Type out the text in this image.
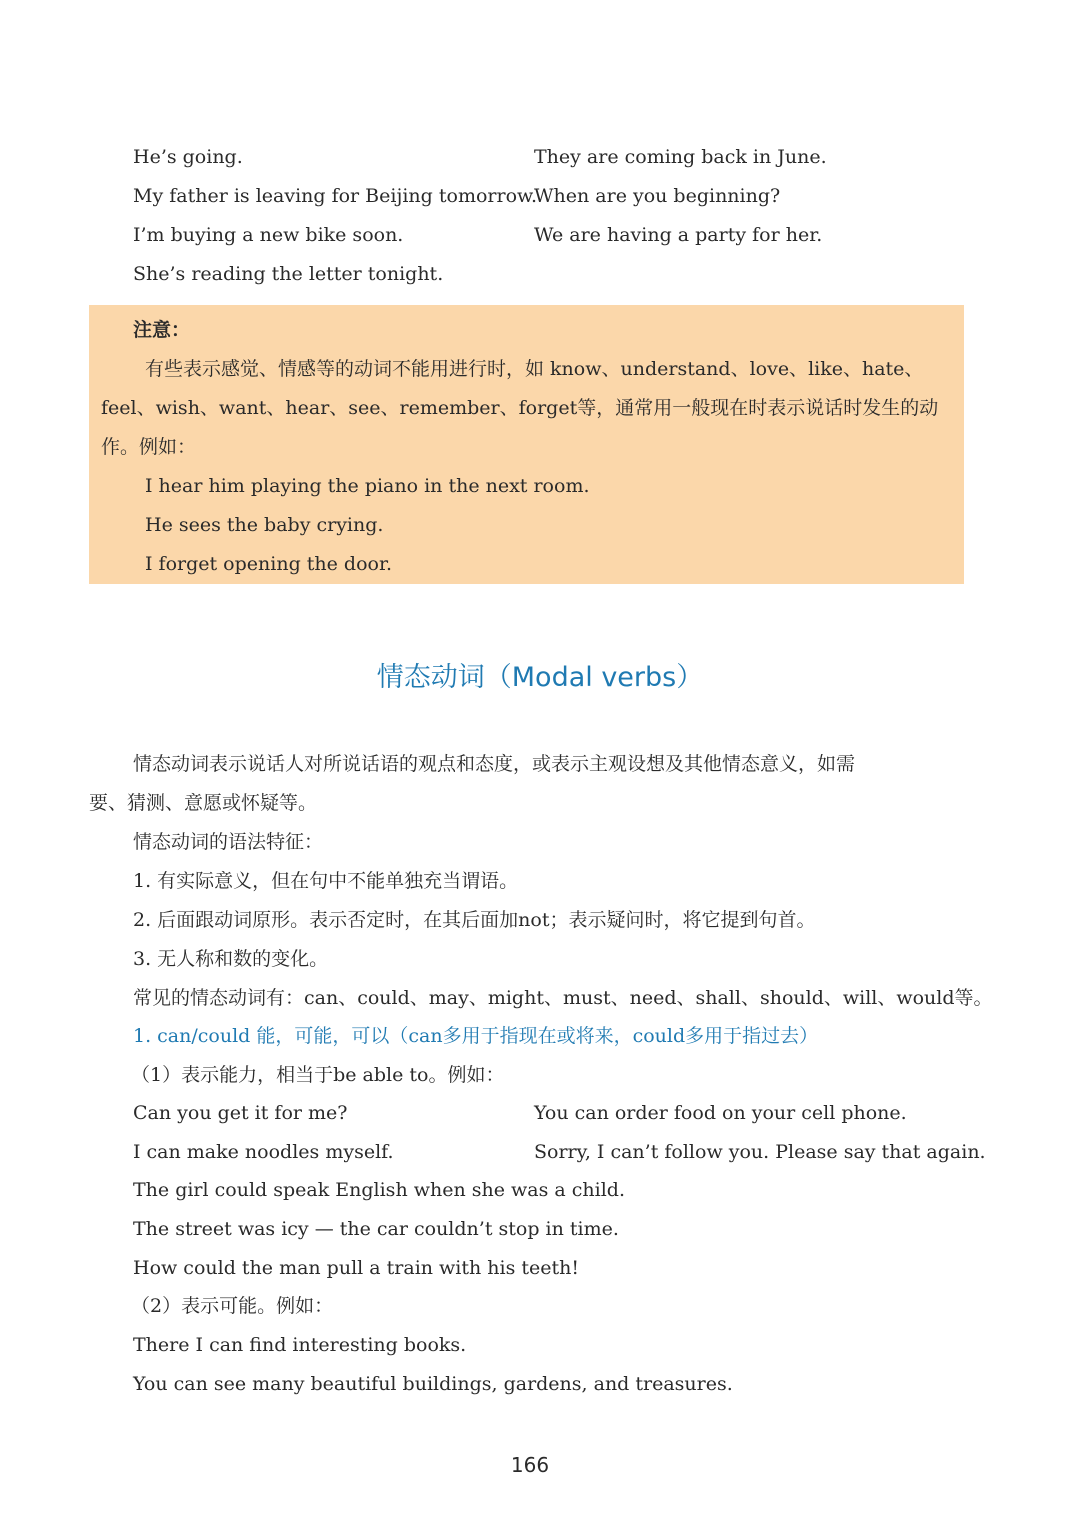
He’s going.
My father is leaving for Beijing tomorrow.
I’m buying a new bike soon.
She’s reading the letter tonight.
They are coming back in June.
When are you beginning?
We are having a party for her.
注意：
有些表示感觉、情感等的动词不能用进行时，如 know、understand、love、like、hate、
feel、wish、want、hear、see、remember、forget等，通常用一般现在时表示说话时发生的动
作。例如：
I hear him playing the piano in the next room.
He sees the baby crying.
I forget opening the door.
情态动词（Modal verbs）
情态动词表示说话人对所说话语的观点和态度，或表示主观设想及其他情态意义，如需
要、猜测、意愿或怀疑等。
情态动词的语法特征：
1. 有实际意义，但在句中不能单独充当谓语。
2. 后面跟动词原形。表示否定时，在其后面加not；表示疑问时，将它提到句首。
3. 无人称和数的变化。
常见的情态动词有：can、could、may、might、must、need、shall、should、will、would等。
1. can/could 能，可能，可以（can多用于指现在或将来，could多用于指过去）
（1）表示能力，相当于be able to。例如：
Can you get it for me?
I can make noodles myself.
You can order food on your cell phone.
Sorry, I can’t follow you. Please say that again.
The girl could speak English when she was a child.
The street was icy — the car couldn’t stop in time.
How could the man pull a train with his teeth!
（2）表示可能。例如：
There I can find interesting books.
You can see many beautiful buildings, gardens, and treasures.
166
